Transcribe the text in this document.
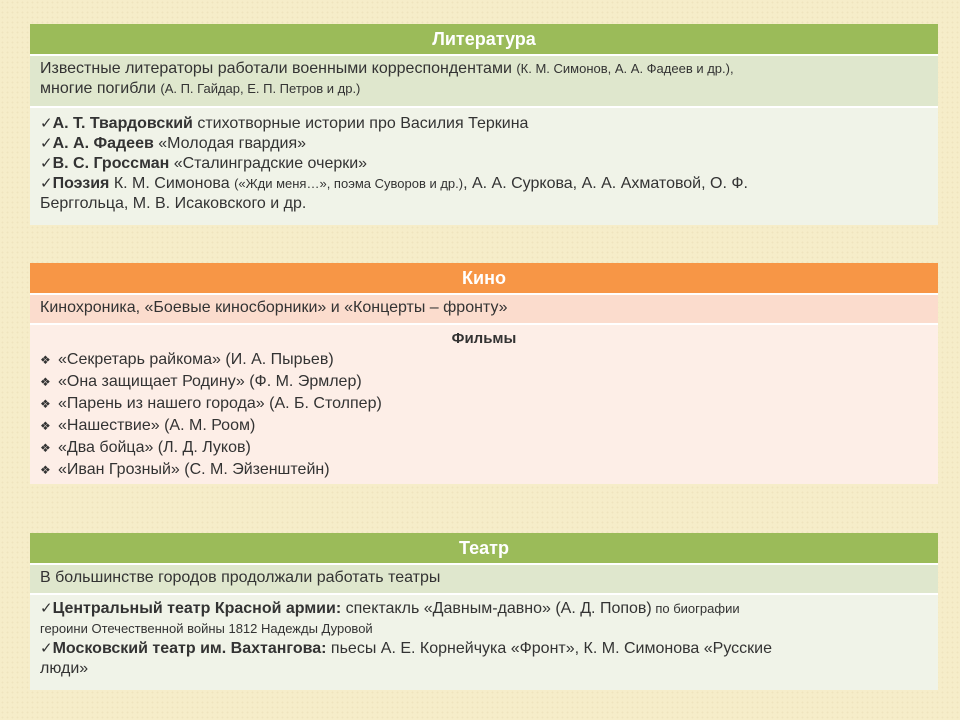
Литература
Известные литераторы работали военными корреспондентами (К. М. Симонов, А. А. Фадеев и др.),
многие погибли (А. П. Гайдар, Е. П. Петров и др.)
✓А. Т. Твардовский стихотворные истории про Василия Теркина
✓А. А. Фадеев «Молодая гвардия»
✓В. С. Гроссман «Сталинградские очерки»
✓Поэзия К. М. Симонова («Жди меня…», поэма Суворов и др.), А. А. Суркова, А. А. Ахматовой, О. Ф.
Берггольца, М. В. Исаковского и др.
Кино
Кинохроника, «Боевые киносборники» и «Концерты – фронту»
Фильмы
❖ «Секретарь райкома» (И. А. Пырьев)
❖ «Она защищает Родину» (Ф. М. Эрмлер)
❖ «Парень из нашего города» (А. Б. Столпер)
❖ «Нашествие» (А. М. Роом)
❖ «Два бойца» (Л. Д. Луков)
❖ «Иван Грозный» (С. М. Эйзенштейн)
Театр
В большинстве городов продолжали работать театры
✓Центральный театр Красной армии: спектакль «Давным-давно» (А. Д. Попов) по биографии
героини Отечественной войны 1812 Надежды Дуровой
✓Московский театр им. Вахтангова: пьесы А. Е. Корнейчука «Фронт», К. М. Симонова «Русские
люди»
